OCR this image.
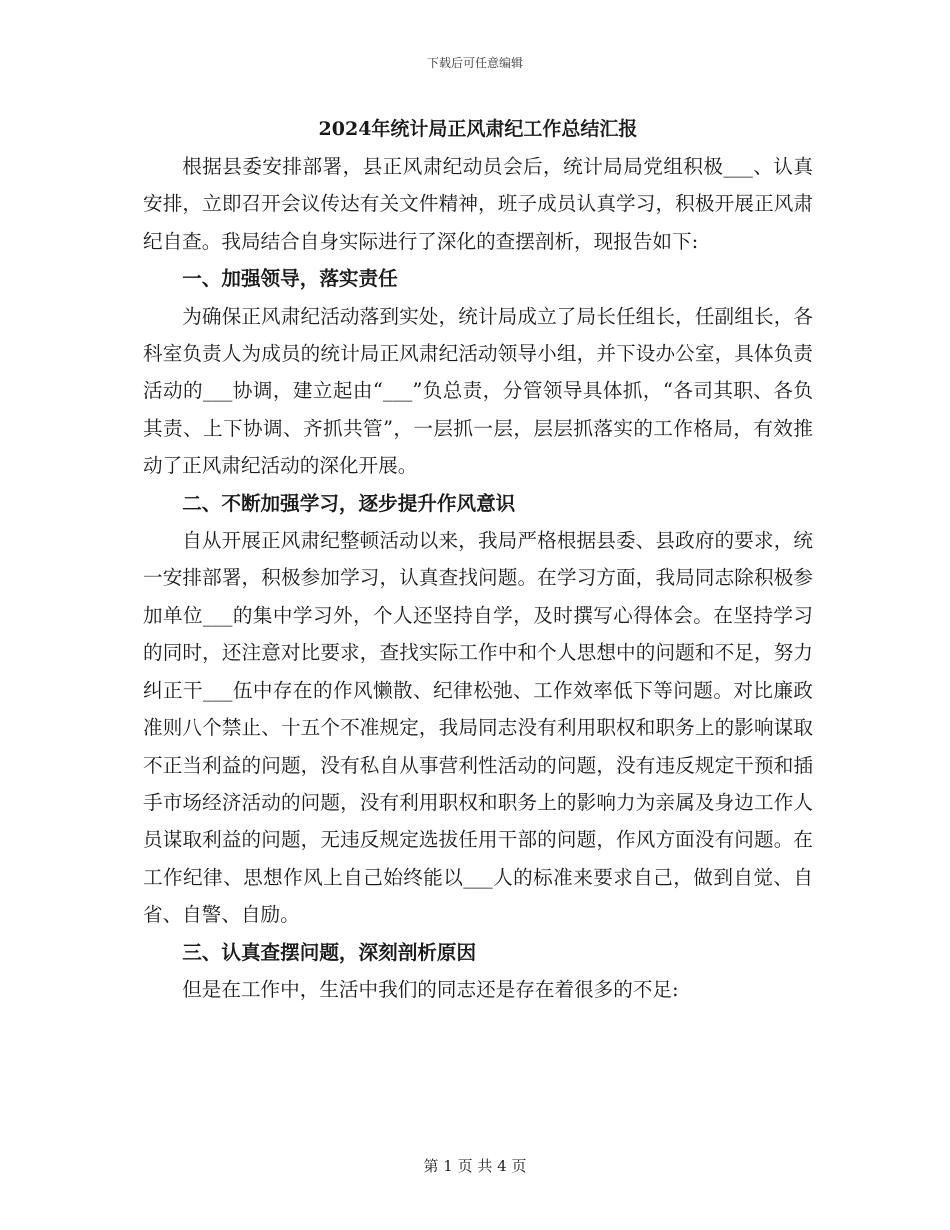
下载后可任意编辑
2024年统计局正风肃纪工作总结汇报

根据县委安排部署，县正风肃纪动员会后，统计局局党组积极___、认真安排，立即召开会议传达有关文件精神，班子成员认真学习，积极开展正风肃纪自查。我局结合自身实际进行了深化的查摆剖析，现报告如下:

一、加强领导，落实责任

为确保正风肃纪活动落到实处，统计局成立了局长任组长，任副组长，各科室负责人为成员的统计局正风肃纪活动领导小组，并下设办公室，具体负责活动的___协调，建立起由“___”负总责，分管领导具体抓，“各司其职、各负其责、上下协调、齐抓共管”，一层抓一层，层层抓落实的工作格局，有效推动了正风肃纪活动的深化开展。

二、不断加强学习，逐步提升作风意识

自从开展正风肃纪整顿活动以来，我局严格根据县委、县政府的要求，统一安排部署，积极参加学习，认真查找问题。在学习方面，我局同志除积极参加单位___的集中学习外，个人还坚持自学，及时撰写心得体会。在坚持学习的同时，还注意对比要求，查找实际工作中和个人思想中的问题和不足，努力纠正干___伍中存在的作风懒散、纪律松弛、工作效率低下等问题。对比廉政准则八个禁止、十五个不准规定，我局同志没有利用职权和职务上的影响谋取不正当利益的问题，没有私自从事营利性活动的问题，没有违反规定干预和插手市场经济活动的问题，没有利用职权和职务上的影响力为亲属及身边工作人员谋取利益的问题，无违反规定选拔任用干部的问题，作风方面没有问题。在工作纪律、思想作风上自己始终能以___人的标准来要求自己，做到自觉、自省、自警、自励。

三、认真查摆问题，深刻剖析原因

但是在工作中，生活中我们的同志还是存在着很多的不足:

第 1 页 共 4 页
